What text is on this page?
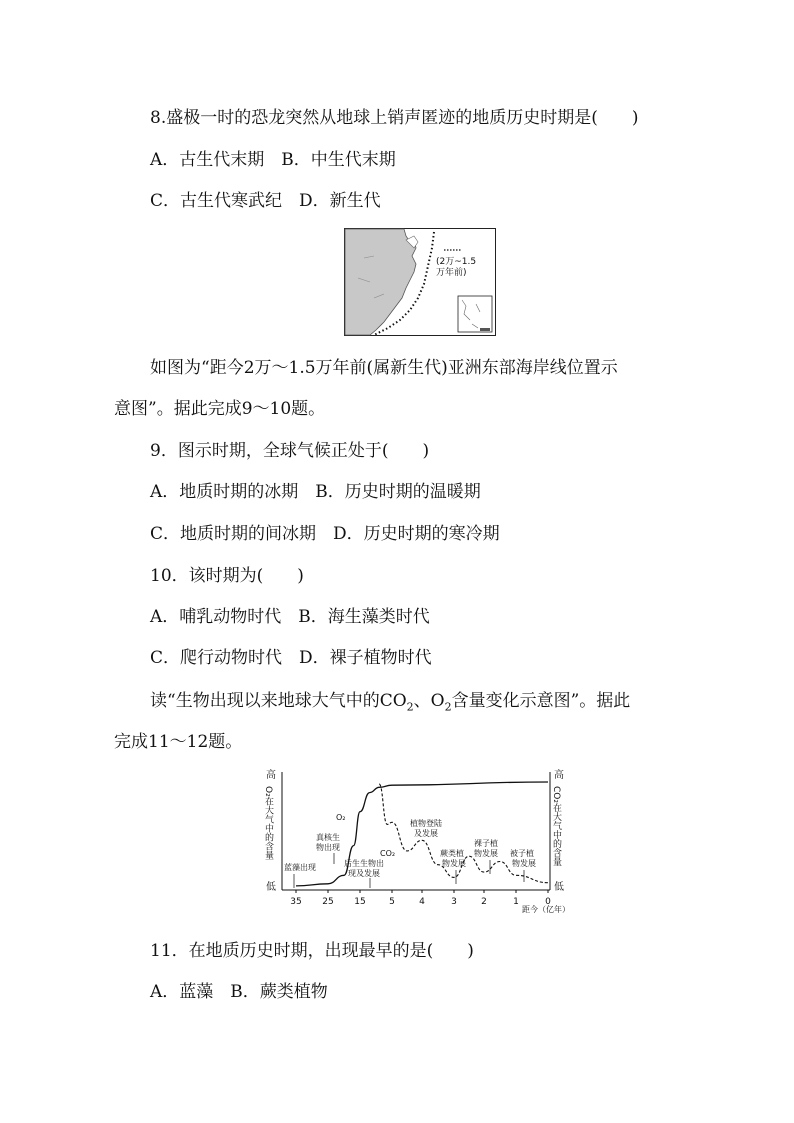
8.盛极一时的恐龙突然从地球上销声匿迹的地质历史时期是(　　)
A．古生代末期　B．中生代末期
C．古生代寒武纪　D．新生代
(2万~1.5
万年前)
如图为“距今2万～1.5万年前(属新生代)亚洲东部海岸线位置示
意图”。据此完成9～10题。
9．图示时期，全球气候正处于(　　)
A．地质时期的冰期　B．历史时期的温暖期
C．地质时期的间冰期　D．历史时期的寒冷期
10．该时期为(　　)
A．哺乳动物时代　B．海生藻类时代
C．爬行动物时代　D．裸子植物时代
读“生物出现以来地球大气中的$CO_2$、$O_2$含量变化示意图”。据此
完成11～12题。
高
低
高
低
O₂在大气中的含量	CO₂在大气中的含量
35 25 15	5	4	3	2	1	0
O₂
CO₂
距今（亿年）
蓝藻出现
真核生
物出现
后生生物出
现及发展
植物登陆
及发展
蕨类植
物发展
裸子植
物发展 被子植
物发展
11．在地质历史时期，出现最早的是(　　)
A．蓝藻　B．蕨类植物
